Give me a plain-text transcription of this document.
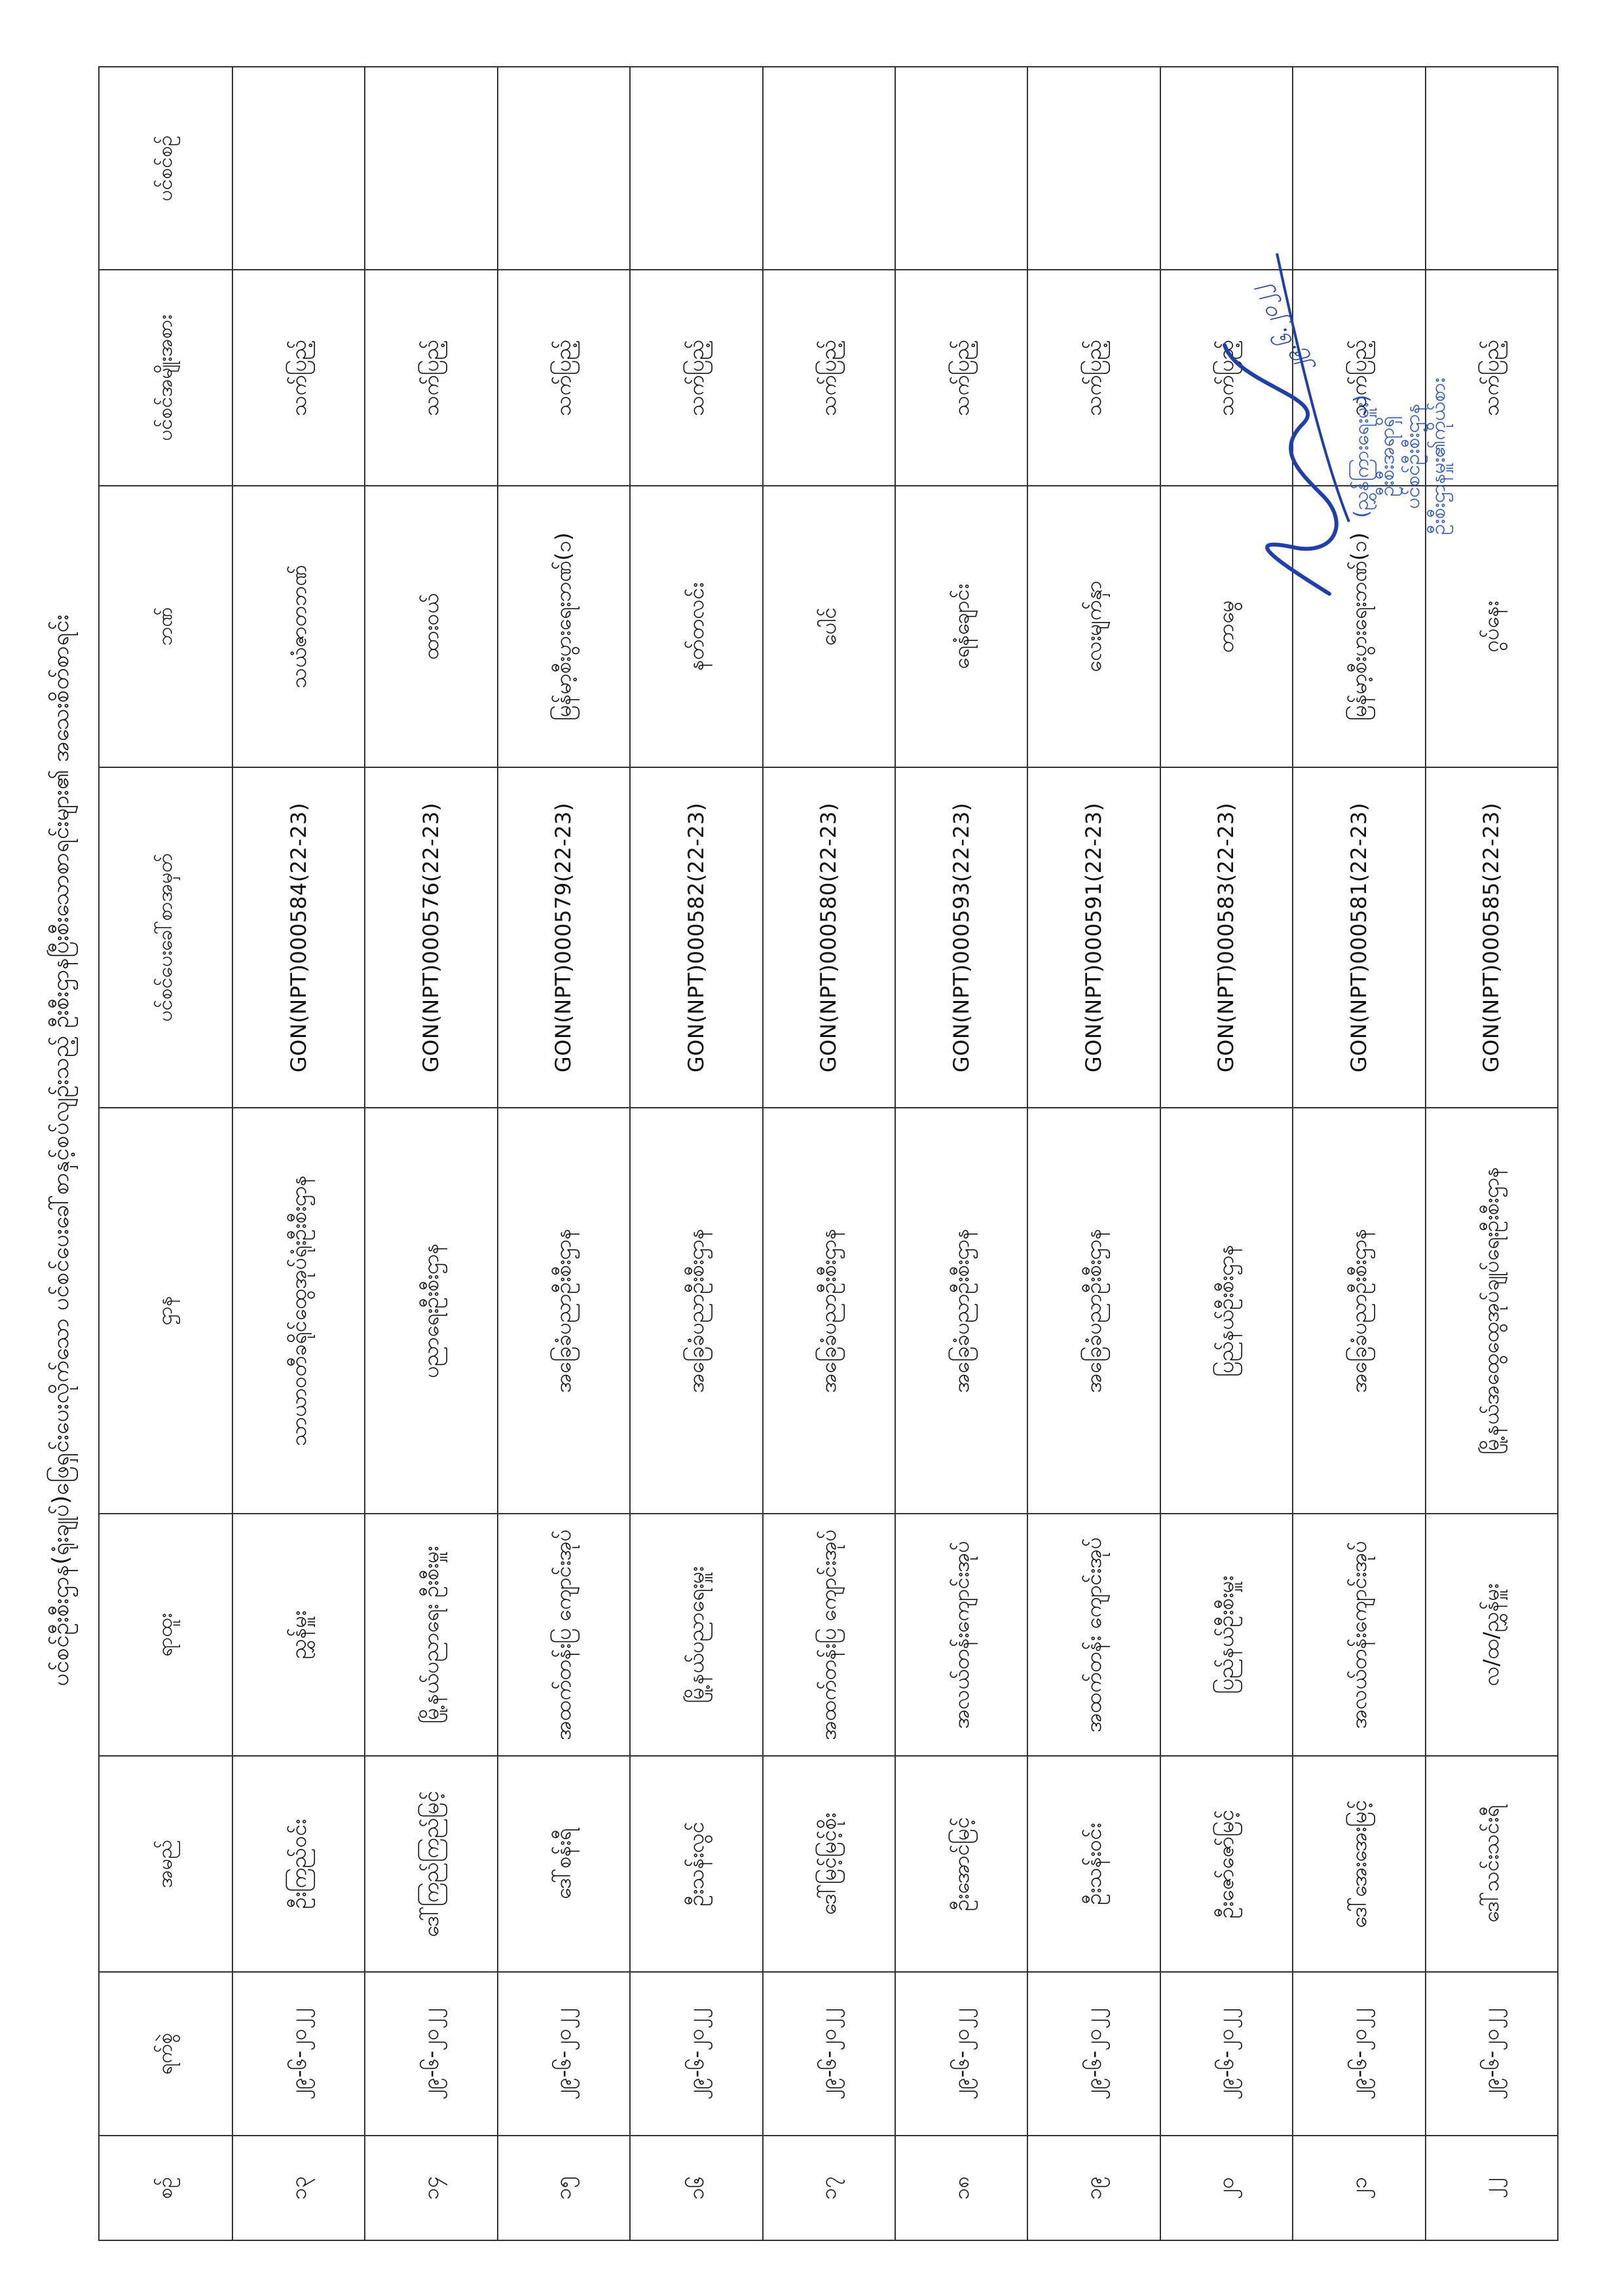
ပင်စင်ဦးစီးဌာန(ရုံးချုပ်)ဖြေရှင်းပေးလိုက်သော ပင်စင်ပေးခေါ်စာနှင့်စပ်လျဉ်းသည့် ဦးစီးဌာနပြီးစီးသောစာရင်းများ၏ အသေးစိတ်စာရင်း
စဉ်	ရက်စွဲ	အမည်	ရာထူး	ဌာန	ပင်စင်ပေးခေါ်စာအမှတ်	ဘဏ်	ပင်စင်အမျိုးအစား	ပင်စင်စဉ်
၁၃	၂၉-၆-၂၀၂၂	ဦးကြည်ဝင်း	ညွှန်မှူး	သာယာဝတီခရိုင်ထွေအုပ်ရုံးဦးစီးဌာန	GON(NPT)000584(22-23)	သယံဇာတဘဏ်	သက်ပြည့်	
၁၄	၂၉-၆-၂၀၂၂	ဒေါ်ကြည်ကြည်မြင့်	မြို့နယ်ပညာရေး ဦးစီးမှူး	ပညာရေးဦးစီးဌာန	GON(NPT)000576(22-23)	ထားဝယ်	သက်ပြည့်	
၁၅	၂၉-၆-၂၀၂၂	ဒေါ်စန်းရီ	အထက်တန်းပြ ကျောင်းအုပ်	အခြေခံပညာဦးစီးဌာန	GON(NPT)000579(22-23)	မြန်မာ့စီးပွားရေးဘဏ်(၁)	သက်ပြည့်	
၁၆	၂၉-၆-၂၀၂၂	ဦးသန်းလွင်	မြို့နယ်ပညာရေးမှူး	အခြေခံပညာဦးစီးဌာန	GON(NPT)000582(22-23)	နတ်တလင်း	သက်ပြည့်	
၁၇	၂၉-၆-၂၀၂၂	ဒေါ်မြင့်မြင့်စိုး	အထက်တန်းပြ ကျောင်းအုပ်	အခြေခံပညာဦးစီးဌာန	GON(NPT)000580(22-23)	ပေါင်	သက်ပြည့်	
၁၈	၂၉-၆-၂၀၂၂	ဦးအောင်မြင့်	အလယ်တန်းကျောင်းအုပ်	အခြေခံပညာဦးစီးဌာန	GON(NPT)000593(22-23)	ရေနံချောင်း	သက်ပြည့်	
၁၉	၂၉-၆-၂၀၂၂	ဦးသန်းဝင်း	အထက်တန်း ကျောင်းအုပ်	အခြေခံပညာဦးစီးဌာန	GON(NPT)000591(22-23)	လေးမျက်နှာ	သက်ပြည့်	
၂၀	၂၉-၆-၂၀၂၂	ဦးဇော်ဇော်မြင့်	ပြည်နယ်ဦးစီးမှူး	ပြည်နယ်ဦးစီးဌာန	GON(NPT)000583(22-23)	တာမွေ	သက်ပြည့်	
၂၁	၂၉-၆-၂၀၂၂	ဒေါ်အေးအေးမြင့်	အလယ်တန်းကျောင်းအုပ်	အခြေခံပညာဦးစီးဌာန	GON(NPT)000581(22-23)	မြန်မာ့စီးပွားရေးဘဏ်(၁)	သက်ပြည့်	
၂၂	၂၉-၆-၂၀၂၂	ဒေါ်သင်းသင်းရီ	လ/ထ/ညွှန်မှူး	မြို့နယ်အထွေထွေအုပ်ချုပ်ရေးဦးစီးဌာန	GON(NPT)000585(22-23)	ဂွပ်နေး	သက်ပြည့်	
၂၉.၆.၂၀၂၂
(ညွှန်ကြားရေးမှူး) ဦးစီးအရာရှိ ပင်စင်ဦးစီးဌာန ဦးစီးဌာနမှူး၏ကိုယ်စား
